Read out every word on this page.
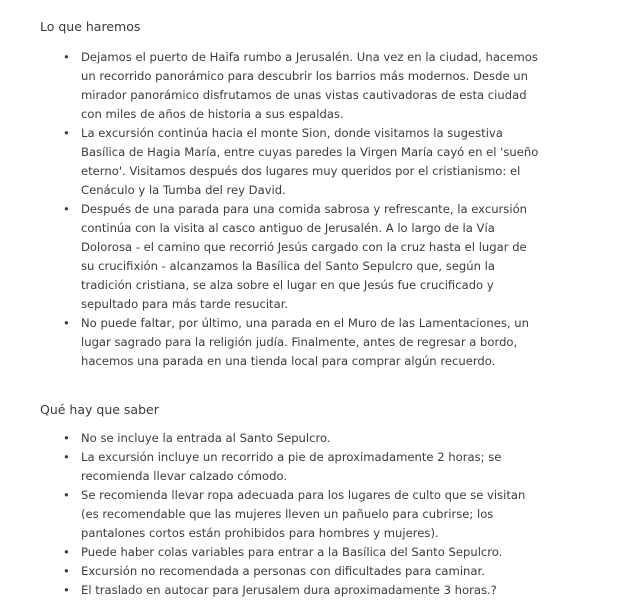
Lo que haremos
• Dejamos el puerto de Haifa rumbo a Jerusalén. Una vez en la ciudad, hacemos un recorrido panorámico para descubrir los barrios más modernos. Desde un mirador panorámico disfrutamos de unas vistas cautivadoras de esta ciudad con miles de años de historia a sus espaldas.
• La excursión continúa hacia el monte Sion, donde visitamos la sugestiva Basílica de Hagia María, entre cuyas paredes la Virgen María cayó en el 'sueño eterno'. Visitamos después dos lugares muy queridos por el cristianismo: el Cenáculo y la Tumba del rey David.
• Después de una parada para una comida sabrosa y refrescante, la excursión continúa con la visita al casco antiguo de Jerusalén. A lo largo de la Vía Dolorosa - el camino que recorrió Jesús cargado con la cruz hasta el lugar de su crucifixión - alcanzamos la Basílica del Santo Sepulcro que, según la tradición cristiana, se alza sobre el lugar en que Jesús fue crucificado y sepultado para más tarde resucitar.
• No puede faltar, por último, una parada en el Muro de las Lamentaciones, un lugar sagrado para la religión judía. Finalmente, antes de regresar a bordo, hacemos una parada en una tienda local para comprar algún recuerdo.
Qué hay que saber
• No se incluye la entrada al Santo Sepulcro.
• La excursión incluye un recorrido a pie de aproximadamente 2 horas; se recomienda llevar calzado cómodo.
• Se recomienda llevar ropa adecuada para los lugares de culto que se visitan (es recomendable que las mujeres lleven un pañuelo para cubrirse; los pantalones cortos están prohibidos para hombres y mujeres).
• Puede haber colas variables para entrar a la Basílica del Santo Sepulcro.
• Excursión no recomendada a personas con dificultades para caminar.
• El traslado en autocar para Jerusalem dura aproximadamente 3 horas.?
